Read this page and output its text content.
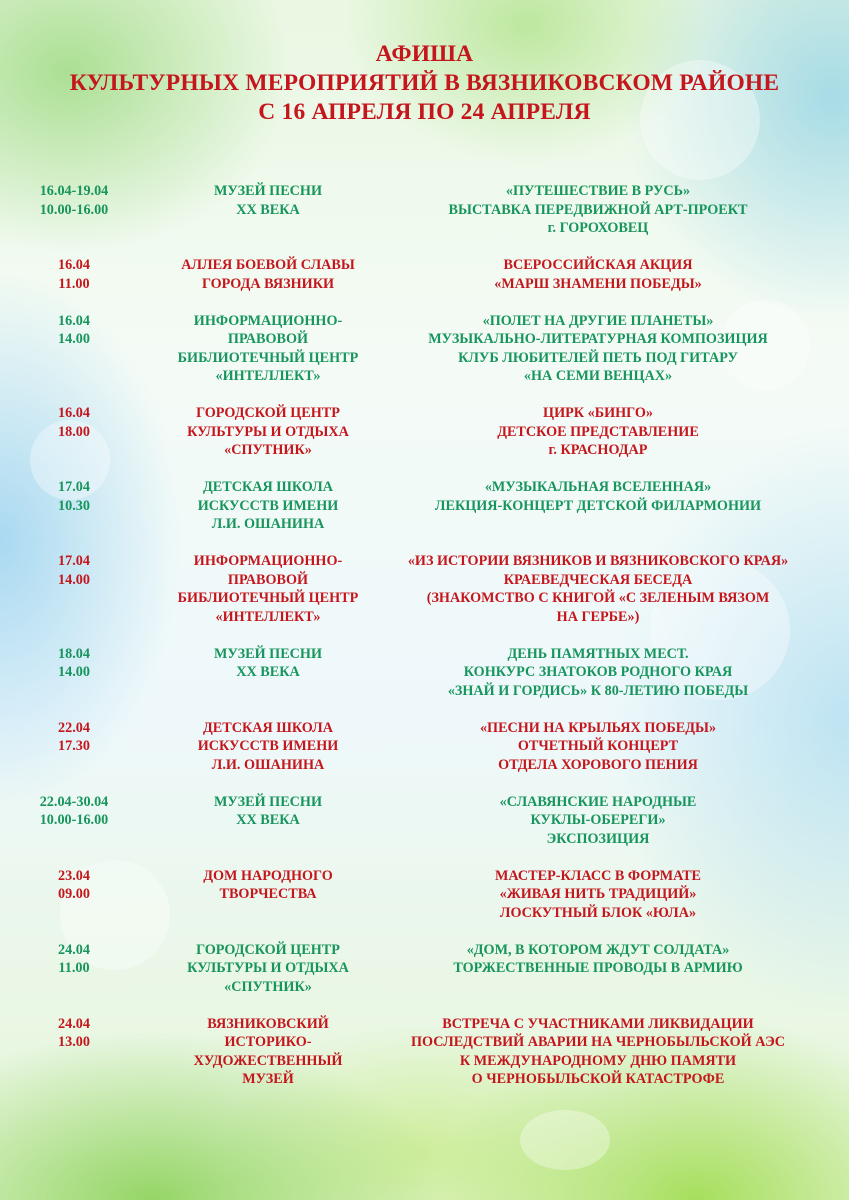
АФИША
КУЛЬТУРНЫХ МЕРОПРИЯТИЙ В ВЯЗНИКОВСКОМ РАЙОНЕ
С 16 АПРЕЛЯ ПО 24 АПРЕЛЯ
16.04-19.04
10.00-16.00
МУЗЕЙ ПЕСНИ
XX ВЕКА
«ПУТЕШЕСТВИЕ В РУСЬ»
ВЫСТАВКА ПЕРЕДВИЖНОЙ АРТ-ПРОЕКТ
г. ГОРОХОВЕЦ
16.04
11.00
АЛЛЕЯ БОЕВОЙ СЛАВЫ
ГОРОДА ВЯЗНИКИ
ВСЕРОССИЙСКАЯ АКЦИЯ
«МАРШ ЗНАМЕНИ ПОБЕДЫ»
16.04
14.00
ИНФОРМАЦИОННО-
ПРАВОВОЙ
БИБЛИОТЕЧНЫЙ ЦЕНТР
«ИНТЕЛЛЕКТ»
«ПОЛЕТ НА ДРУГИЕ ПЛАНЕТЫ»
МУЗЫКАЛЬНО-ЛИТЕРАТУРНАЯ КОМПОЗИЦИЯ
КЛУБ ЛЮБИТЕЛЕЙ ПЕТЬ ПОД ГИТАРУ
«НА СЕМИ ВЕНЦАХ»
16.04
18.00
ГОРОДСКОЙ ЦЕНТР
КУЛЬТУРЫ И ОТДЫХА
«СПУТНИК»
ЦИРК «БИНГО»
ДЕТСКОЕ ПРЕДСТАВЛЕНИЕ
г. КРАСНОДАР
17.04
10.30
ДЕТСКАЯ ШКОЛА
ИСКУССТВ ИМЕНИ
Л.И. ОШАНИНА
«МУЗЫКАЛЬНАЯ ВСЕЛЕННАЯ»
ЛЕКЦИЯ-КОНЦЕРТ ДЕТСКОЙ ФИЛАРМОНИИ
17.04
14.00
ИНФОРМАЦИОННО-
ПРАВОВОЙ
БИБЛИОТЕЧНЫЙ ЦЕНТР
«ИНТЕЛЛЕКТ»
«ИЗ ИСТОРИИ ВЯЗНИКОВ И ВЯЗНИКОВСКОГО КРАЯ»
КРАЕВЕДЧЕСКАЯ БЕСЕДА
(ЗНАКОМСТВО С КНИГОЙ «С ЗЕЛЕНЫМ ВЯЗОМ
НА ГЕРБЕ»)
18.04
14.00
МУЗЕЙ ПЕСНИ
XX ВЕКА
ДЕНЬ ПАМЯТНЫХ МЕСТ.
КОНКУРС ЗНАТОКОВ РОДНОГО КРАЯ
«ЗНАЙ И ГОРДИСЬ» К 80-ЛЕТИЮ ПОБЕДЫ
22.04
17.30
ДЕТСКАЯ ШКОЛА
ИСКУССТВ ИМЕНИ
Л.И. ОШАНИНА
«ПЕСНИ НА КРЫЛЬЯХ ПОБЕДЫ»
ОТЧЕТНЫЙ КОНЦЕРТ
ОТДЕЛА ХОРОВОГО ПЕНИЯ
22.04-30.04
10.00-16.00
МУЗЕЙ ПЕСНИ
XX ВЕКА
«СЛАВЯНСКИЕ НАРОДНЫЕ
КУКЛЫ-ОБЕРЕГИ»
ЭКСПОЗИЦИЯ
23.04
09.00
ДОМ НАРОДНОГО
ТВОРЧЕСТВА
МАСТЕР-КЛАСС В ФОРМАТЕ
«ЖИВАЯ НИТЬ ТРАДИЦИЙ»
ЛОСКУТНЫЙ БЛОК «ЮЛА»
24.04
11.00
ГОРОДСКОЙ ЦЕНТР
КУЛЬТУРЫ И ОТДЫХА
«СПУТНИК»
«ДОМ, В КОТОРОМ ЖДУТ СОЛДАТА»
ТОРЖЕСТВЕННЫЕ ПРОВОДЫ В АРМИЮ
24.04
13.00
ВЯЗНИКОВСКИЙ
ИСТОРИКО-
ХУДОЖЕСТВЕННЫЙ
МУЗЕЙ
ВСТРЕЧА С УЧАСТНИКАМИ ЛИКВИДАЦИИ
ПОСЛЕДСТВИЙ АВАРИИ НА ЧЕРНОБЫЛЬСКОЙ АЭС
К МЕЖДУНАРОДНОМУ ДНЮ ПАМЯТИ
О ЧЕРНОБЫЛЬСКОЙ КАТАСТРОФЕ
